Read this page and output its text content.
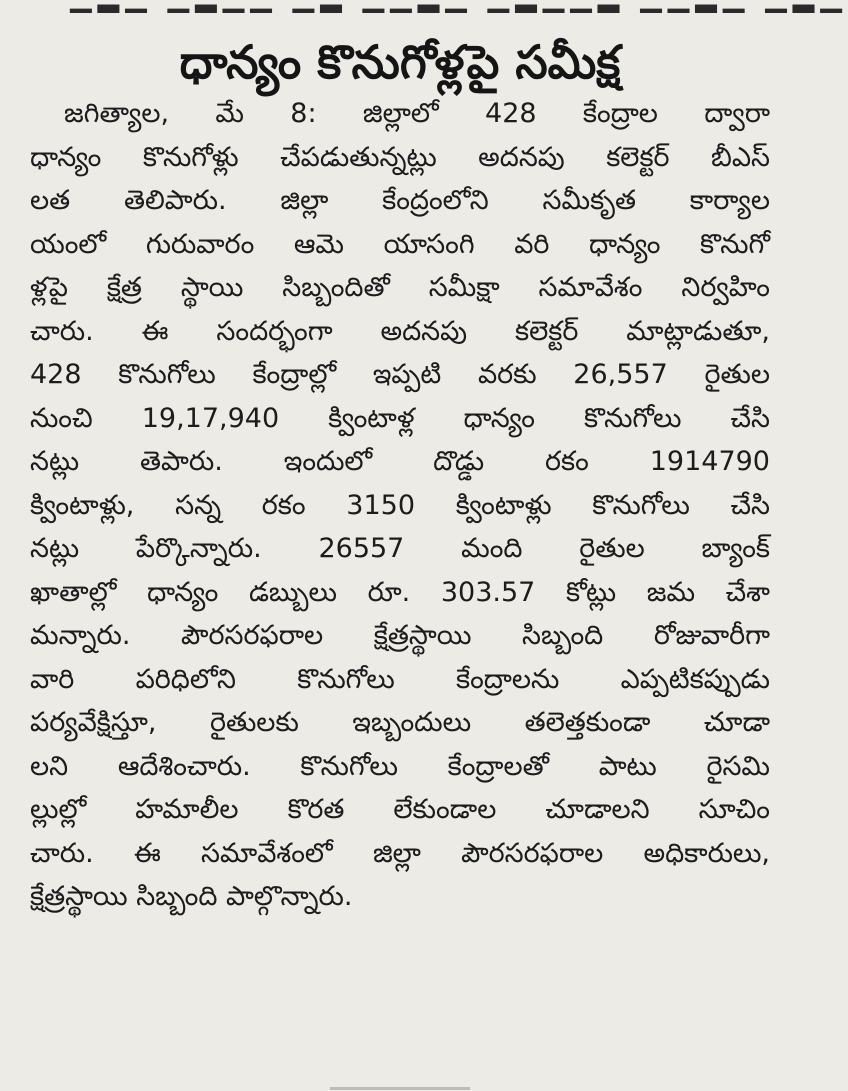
ధాన్యం కొనుగోళ్లపై సమీక్ష
జగిత్యాల, మే 8: జిల్లాలో 428 కేంద్రాల ద్వారా
ధాన్యం కొనుగోళ్లు చేపడుతున్నట్లు అదనపు కలెక్టర్ బీఎస్
లత తెలిపారు. జిల్లా కేంద్రంలోని సమీకృత కార్యాల
యంలో గురువారం ఆమె యాసంగి వరి ధాన్యం కొనుగో
ళ్లపై క్షేత్ర స్థాయి సిబ్బందితో సమీక్షా సమావేశం నిర్వహిం
చారు. ఈ సందర్భంగా అదనపు కలెక్టర్ మాట్లాడుతూ,
428 కొనుగోలు కేంద్రాల్లో ఇప్పటి వరకు 26,557 రైతుల
నుంచి 19,17,940 క్వింటాళ్ల ధాన్యం కొనుగోలు చేసి
నట్లు తెపారు. ఇందులో దొడ్డు రకం 1914790
క్వింటాళ్లు, సన్న రకం 3150 క్వింటాళ్లు కొనుగోలు చేసి
నట్లు పేర్కొన్నారు. 26557 మంది రైతుల బ్యాంక్
ఖాతాల్లో ధాన్యం డబ్బులు రూ. 303.57 కోట్లు జమ చేశా
మన్నారు. పౌరసరఫరాల క్షేత్రస్థాయి సిబ్బంది రోజువారీగా
వారి పరిధిలోని కొనుగోలు కేంద్రాలను ఎప్పటికప్పుడు
పర్యవేక్షిస్తూ, రైతులకు ఇబ్బందులు తలెత్తకుండా చూడా
లని ఆదేశించారు. కొనుగోలు కేంద్రాలతో పాటు రైసమి
ల్లుల్లో హమాలీల కొరత లేకుండాల చూడాలని సూచిం
చారు. ఈ సమావేశంలో జిల్లా పౌరసరఫరాల అధికారులు,
క్షేత్రస్థాయి సిబ్బంది పాల్గొన్నారు.
